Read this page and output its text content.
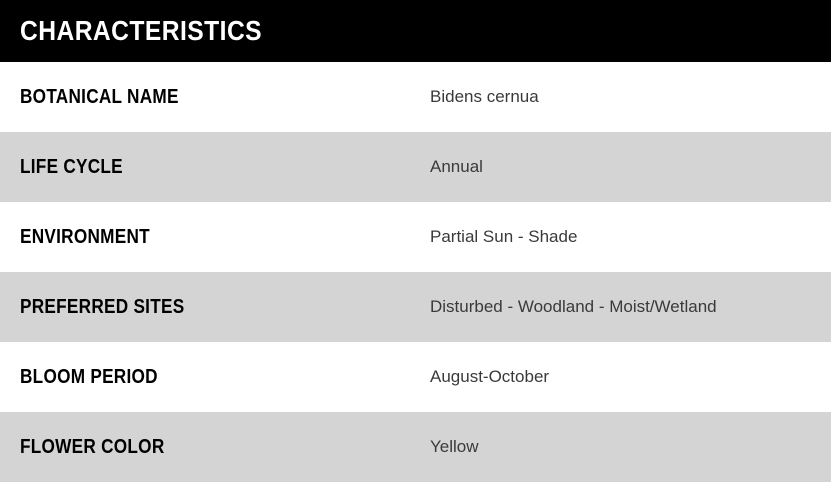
CHARACTERISTICS
BOTANICAL NAME	Bidens cernua
LIFE CYCLE	Annual
ENVIRONMENT	Partial Sun - Shade
PREFERRED SITES	Disturbed - Woodland - Moist/Wetland
BLOOM PERIOD	August-October
FLOWER COLOR	Yellow
